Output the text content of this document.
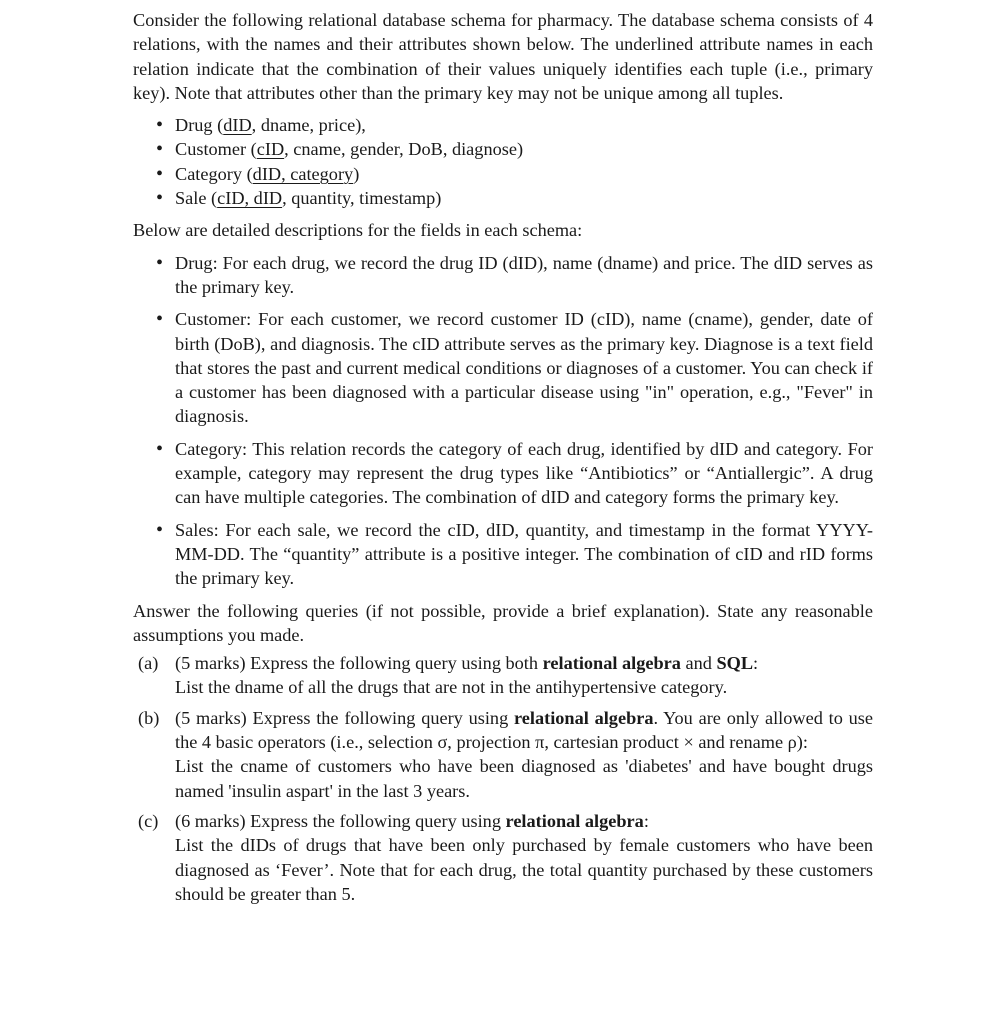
Consider the following relational database schema for pharmacy. The database schema consists of 4 relations, with the names and their attributes shown below. The underlined attribute names in each relation indicate that the combination of their values uniquely identifies each tuple (i.e., primary key). Note that attributes other than the primary key may not be unique among all tuples.

• Drug (dID, dname, price),
• Customer (cID, cname, gender, DoB, diagnose)
• Category (dID, category)
• Sale (cID, dID, quantity, timestamp)

Below are detailed descriptions for the fields in each schema:

• Drug: For each drug, we record the drug ID (dID), name (dname) and price. The dID serves as the primary key.
• Customer: For each customer, we record customer ID (cID), name (cname), gender, date of birth (DoB), and diagnosis. The cID attribute serves as the primary key. Diagnose is a text field that stores the past and current medical conditions or diagnoses of a customer. You can check if a customer has been diagnosed with a particular disease using "in" operation, e.g., "Fever" in diagnosis.
• Category: This relation records the category of each drug, identified by dID and category. For example, category may represent the drug types like “Antibiotics” or “Antiallergic”. A drug can have multiple categories. The combination of dID and category forms the primary key.
• Sales: For each sale, we record the cID, dID, quantity, and timestamp in the format YYYY-MM-DD. The “quantity” attribute is a positive integer. The combination of cID and rID forms the primary key.

Answer the following queries (if not possible, provide a brief explanation). State any reasonable assumptions you made.

(a) (5 marks) Express the following query using both relational algebra and SQL:
List the dname of all the drugs that are not in the antihypertensive category.
(b) (5 marks) Express the following query using relational algebra. You are only allowed to use the 4 basic operators (i.e., selection σ, projection π, cartesian product × and rename ρ):
List the cname of customers who have been diagnosed as 'diabetes' and have bought drugs named 'insulin aspart' in the last 3 years.
(c) (6 marks) Express the following query using relational algebra:
List the dIDs of drugs that have been only purchased by female customers who have been diagnosed as ‘Fever’. Note that for each drug, the total quantity purchased by these customers should be greater than 5.
